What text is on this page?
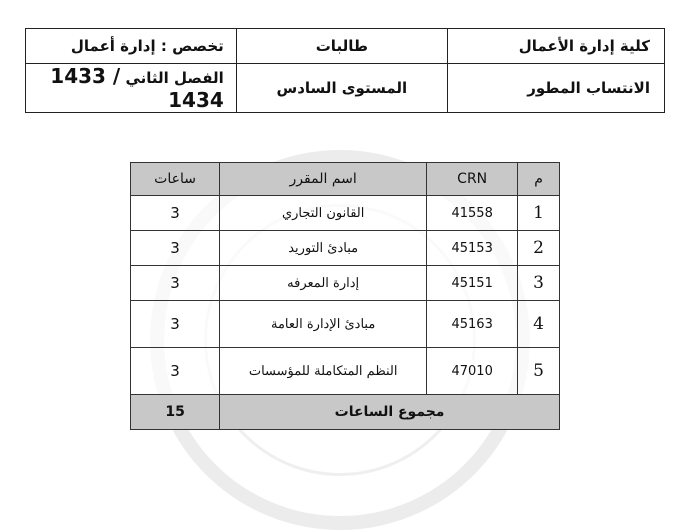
كلية إدارة الأعمال	طالبات	تخصص : إدارة أعمال
الانتساب المطور	المستوى السادس	الفصل الثاني 1433 / 1434
م	CRN	اسم المقرر	ساعات
1	41558	القانون التجاري	3
2	45153	مبادئ التوريد	3
3	45151	إدارة المعرفه	3
4	45163	مبادئ الإدارة العامة	3
5	47010	النظم المتكاملة للمؤسسات	3
مجموع الساعات			15
